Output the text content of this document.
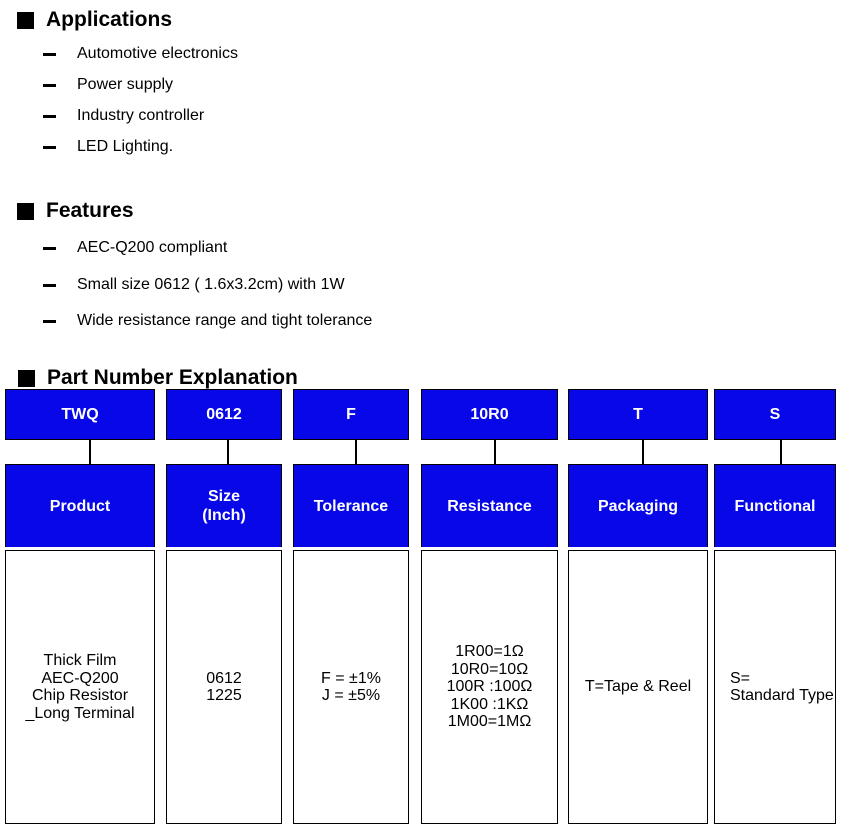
Applications
Automotive electronics
Power supply
Industry controller
LED Lighting.
Features
AEC-Q200 compliant
Small size 0612 ( 1.6x3.2cm) with 1W
Wide resistance range and tight tolerance
Part Number Explanation
TWQ
Product
Thick Film
AEC-Q200
Chip Resistor
_Long Terminal
0612
Size
(Inch)
0612
1225
F
Tolerance
F = ±1%
J = ±5%
10R0
Resistance
1R00=1Ω
10R0=10Ω
100R :100Ω
1K00 :1KΩ
1M00=1MΩ
T
Packaging
T=Tape & Reel
S
Functional
S=
Standard Type
